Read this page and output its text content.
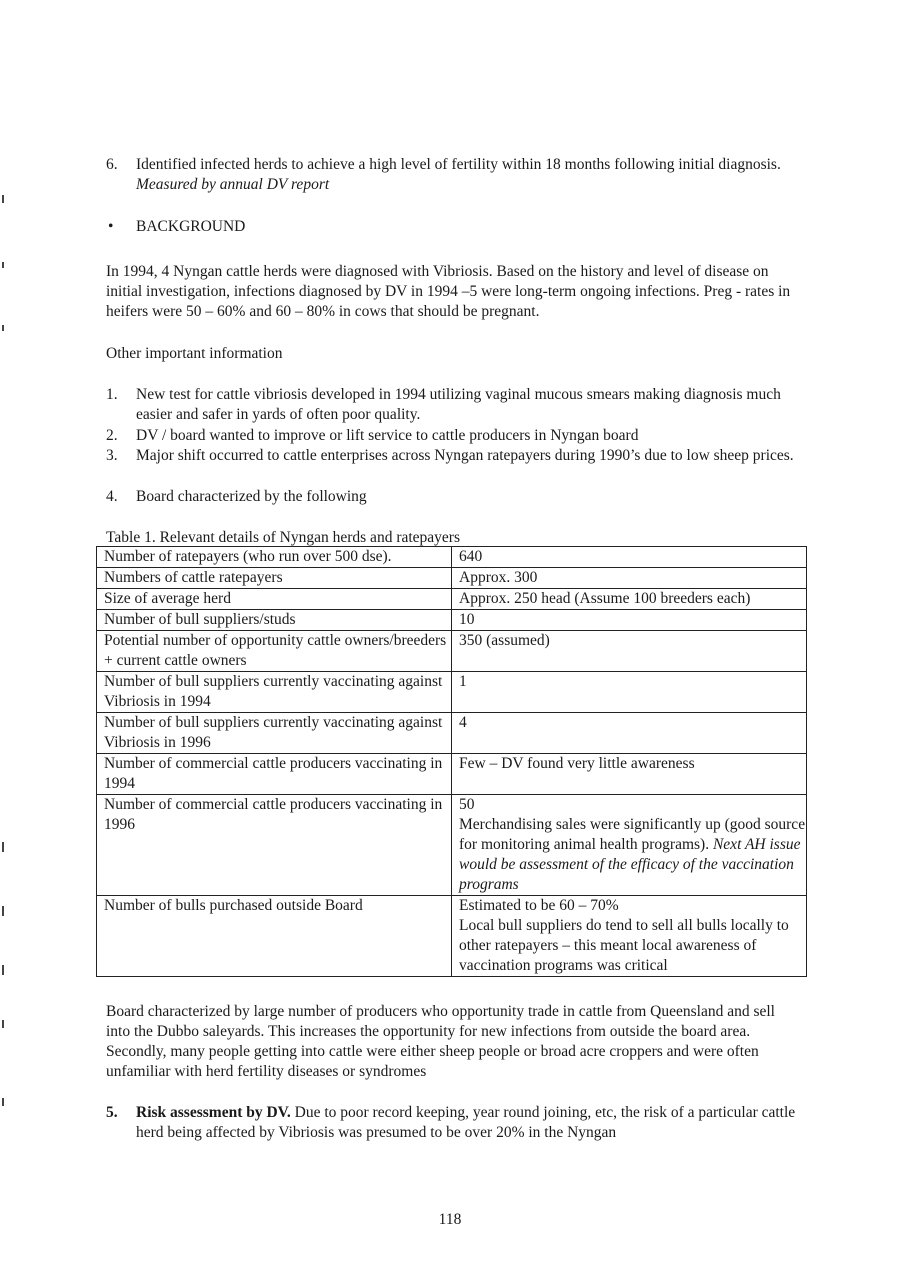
6. Identified infected herds to achieve a high level of fertility within 18 months following initial diagnosis. Measured by annual DV report
• BACKGROUND
In 1994, 4 Nyngan cattle herds were diagnosed with Vibriosis. Based on the history and level of disease on initial investigation, infections diagnosed by DV in 1994 –5 were long-term ongoing infections. Preg - rates in heifers were 50 – 60% and 60 – 80% in cows that should be pregnant.
Other important information
1. New test for cattle vibriosis developed in 1994 utilizing vaginal mucous smears making diagnosis much easier and safer in yards of often poor quality.
2. DV / board wanted to improve or lift service to cattle producers in Nyngan board
3. Major shift occurred to cattle enterprises across Nyngan ratepayers during 1990’s due to low sheep prices.
4. Board characterized by the following
Table 1. Relevant details of Nyngan herds and ratepayers
Number of ratepayers (who run over 500 dse).	640
Numbers of cattle ratepayers	Approx. 300
Size of average herd	Approx. 250 head (Assume 100 breeders each)
Number of bull suppliers/studs	10
Potential number of opportunity cattle owners/breeders + current cattle owners	350 (assumed)
Number of bull suppliers currently vaccinating against Vibriosis in 1994	1
Number of bull suppliers currently vaccinating against Vibriosis in 1996	4
Number of commercial cattle producers vaccinating in 1994	Few – DV found very little awareness
Number of commercial cattle producers vaccinating in 1996	50
Merchandising sales were significantly up (good source for monitoring animal health programs). Next AH issue would be assessment of the efficacy of the vaccination programs
Number of bulls purchased outside Board	Estimated to be 60 – 70%
Local bull suppliers do tend to sell all bulls locally to other ratepayers – this meant local awareness of vaccination programs was critical
Board characterized by large number of producers who opportunity trade in cattle from Queensland and sell into the Dubbo saleyards. This increases the opportunity for new infections from outside the board area. Secondly, many people getting into cattle were either sheep people or broad acre croppers and were often unfamiliar with herd fertility diseases or syndromes
5. Risk assessment by DV. Due to poor record keeping, year round joining, etc, the risk of a particular cattle herd being affected by Vibriosis was presumed to be over 20% in the Nyngan
118
